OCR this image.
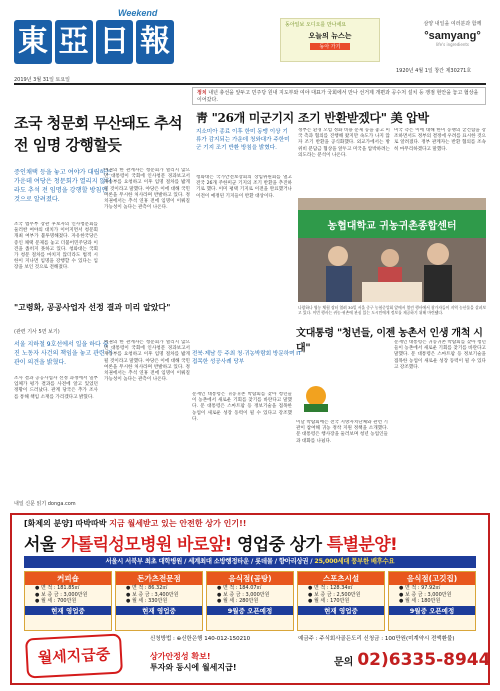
Weekend
東 亞 日 報	동아일보 오디오를 만나세요
오늘의 뉴스는
동아 가기
삼양 내일을 여러분과 함께
°samyang°
life's ingredients
2019년 3월 31일 토요일
1920년 4월 1일 창간 제30271호
정치 내년 총선을 앞두고 민주당 원내 지도부와 여야 대표가 국회에서 만나 선거제 개편과 공수처 설치 등 쟁점 현안을 놓고 협상을 이어갔다.
조국 청문회 무산돼도 추석전 임명 강행할듯
증인채택 등을 놓고 여야가 대립하는 가운데 여당은 청문회가 열리지 않더라도 추석 전 임명을 강행할 방침인 것으로 알려졌다.
조국 법무부 장관 후보자의 인사청문회를 둘러싼 여야의 대치가 이어지면서 청문회 개최 여부가 불투명해졌다. 자유한국당은 증인 채택 문제를 놓고 더불어민주당과 이견을 좁히지 못하고 있다. 청와대는 국회가 청문 절차를 마치지 않더라도 법적 시한이 지나면 임명을 강행할 수 있다는 입장을 보인 것으로 전해졌다.
여권의 한 관계자는 청문회가 열리지 않으면 대통령이 국회에 인사청문 경과보고서 재송부를 요청하고 이후 임명 절차를 밟게 될 것이라고 말했다. 야당은 이에 대해 국민 여론을 무시한 처사라며 반발하고 있다. 정치권에서는 추석 연휴 전에 임명이 이뤄질 가능성이 높다는 관측이 나온다.
"고령화, 공공사업자 선정 결과 미리 알았다"
(관련 기사 5면 보기)
서울 지하철 9호선에서 일을 하다 숨진 노동자 사건의 책임을 놓고 관련 기관이 의견을 밝혔다.
조사 결과 공공사업자 선정 과정에서 일부 업체가 평가 결과를 사전에 알고 있었던 정황이 드러났다. 관계 당국은 추가 조사를 통해 책임 소재를 가리겠다고 밝혔다.
여권의 한 관계자는 청문회가 열리지 않으면 대통령이 국회에 인사청문 경과보고서 재송부를 요청하고 이후 임명 절차를 밟게 될 것이라고 말했다. 야당은 이에 대해 국민 여론을 무시한 처사라며 반발하고 있다. 정치권에서는 추석 연휴 전에 임명이 이뤄질 가능성이 높다는 관측이 나온다.
내일 신문 읽기 donga.com
靑 "26개 미군기지 조기 반환받겠다" 美 압박
지소미아 종료 이후 한미 동맹 이상 기류가 감지되는 가운데 청와대가 주한미군 기지 조기 반환 방침을 밝혔다.
청와대는 국가안전보장회의 상임위원회를 열고 전국 26개 주한미군 기지의 조기 반환을 추진하기로 했다. 이미 평택 기지로 이전을 완료했거나 이전이 예정된 기지들이 반환 대상이다.
정부는 환경 오염 정화 비용 문제 등을 놓고 미국 측과 협의를 진행해 왔지만 속도가 나지 않자 조기 반환을 공식화했다. 외교가에서는 방위비 분담금 협상을 앞두고 미국을 압박하려는 의도라는 분석이 나온다.
미국 측은 이에 대해 한미 동맹의 굳건함을 강조하면서도 정부의 결정에 우려를 표시한 것으로 알려졌다. 정부 관계자는 반환 협의를 조속히 마무리하겠다고 말했다.
농협대학교 귀농귀촌종합센터
나랑하나 영농 체험 장터 열려 30일 서울 중구 농협중앙회 앞에서 열린 행사에서 참가자들이 지역 농산물을 살펴보고 있다. 이번 행사는 귀농·귀촌에 관심 있는 도시민에게 정보를 제공하기 위해 마련됐다.
文대통령 "청년들, 이젠 농촌서 인생 개척 시대"
전북·제남 등 주최 청·귀농박람회 방문하며 IT 접목한 성공사례 당부
문재인 대통령은 귀농귀촌 박람회를 찾아 청년들이 농촌에서 새로운 기회를 찾기를 바란다고 말했다. 문 대통령은 스마트팜 등 정보기술을 접목한 농업이 새로운 성장 동력이 될 수 있다고 강조했다.
이날 박람회에는 전국 지방자치단체와 관련 기관이 참여해 귀농 정착 지원 정책을 소개했다. 문 대통령은 행사장을 둘러보며 청년 농업인들과 대화를 나눴다.
문재인 대통령은 귀농귀촌 박람회를 찾아 청년들이 농촌에서 새로운 기회를 찾기를 바란다고 말했다. 문 대통령은 스마트팜 등 정보기술을 접목한 농업이 새로운 성장 동력이 될 수 있다고 강조했다.
[화제의 분양] 따박따박 지금 월세받고 있는 안전한 상가 인기!!
서울 가톨릭성모병원 바로앞! 영업중 상가 특별분양!
서울시 서북부 최초 대학병원 / 세계최대 소방행정타운 / 롯데몰 / 향아리상권 / 25,000세대 풍부한 배후수요
커피숍
● 면 적 : 181.85㎡
● 보 증 금 : 3,000만원
● 월 세 : 700만원
현재 영업중
돈가츠전문점
● 면 적 : 86.32㎡
● 보 증 금 : 3,400만원
● 월 세 : 330만원
현재 영업중
음식점(곰탕)
● 면 적 : 184.07㎡
● 보 증 금 : 3,000만원
● 월 세 : 280만원
9월중 오픈예정
스포츠시설
● 면 적 : 128.34㎡
● 보 증 금 : 2,500만원
● 월 세 : 170만원
현재 영업중
음식점(고깃집)
● 면 적 : 97.92㎡
● 보 증 금 : 3,000만원
● 월 세 : 180만원
9월중 오픈예정
신청방법 : ⊕신한은행 140-012-150210	예금주 : 주식회사골든도리 신청금 : 100만원(미계약시 전액환불)
월세지급중	상가안정성 확보!
투자와 동시에 월세지급!	문의 02)6335-8944
